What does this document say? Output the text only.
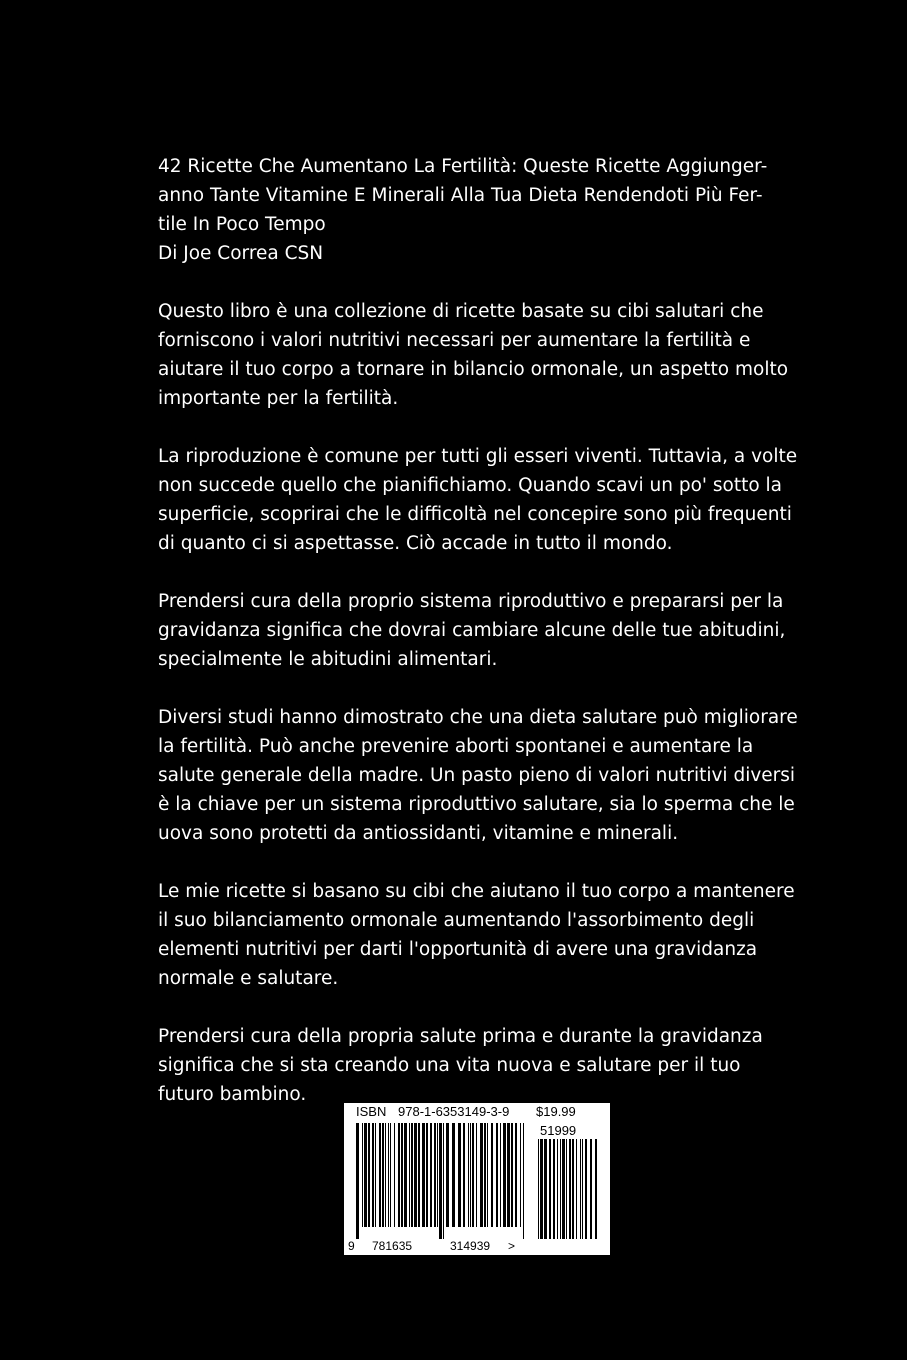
42 Ricette Che Aumentano La Fertilità: Queste Ricette Aggiunger-
anno Tante Vitamine E Minerali Alla Tua Dieta Rendendoti Più Fer-
tile In Poco Tempo
Di Joe Correa CSN

Questo libro è una collezione di ricette basate su cibi salutari che forniscono i valori nutritivi necessari per aumentare la fertilità e aiutare il tuo corpo a tornare in bilancio ormonale, un aspetto molto importante per la fertilità.

La riproduzione è comune per tutti gli esseri viventi. Tuttavia, a volte non succede quello che pianifichiamo. Quando scavi un po' sotto la superficie, scoprirai che le difficoltà nel concepire sono più frequenti di quanto ci si aspettasse. Ciò accade in tutto il mondo.

Prendersi cura della proprio sistema riproduttivo e prepararsi per la gravidanza significa che dovrai cambiare alcune delle tue abitudini, specialmente le abitudini alimentari.

Diversi studi hanno dimostrato che una dieta salutare può migliorare la fertilità. Può anche prevenire aborti spontanei e aumentare la salute generale della madre. Un pasto pieno di valori nutritivi diversi è la chiave per un sistema riproduttivo salutare, sia lo sperma che le uova sono protetti da antiossidanti, vitamine e minerali.

Le mie ricette si basano su cibi che aiutano il tuo corpo a mantenere il suo bilanciamento ormonale aumentando l'assorbimento degli elementi nutritivi per darti l'opportunità di avere una gravidanza normale e salutare.

Prendersi cura della propria salute prima e durante la gravidanza significa che si sta creando una vita nuova e salutare per il tuo futuro bambino.

ISBN 978-1-6353149-3-9 $19.99
51999
9 781635	314939 >
